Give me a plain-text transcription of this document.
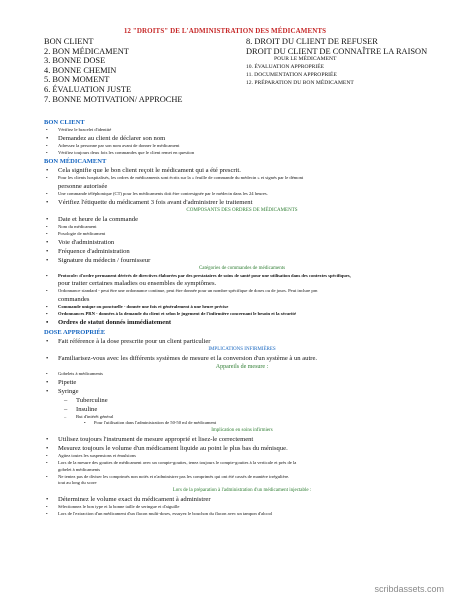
12 "DROITS" DE L'ADMINISTRATION DES MÉDICAMENTS
BON CLIENT
2. BON MÉDICAMENT
3. BONNE DOSE
4. BONNE CHEMIN
5. BON MOMENT
6. ÉVALUATION JUSTE
7. BONNE MOTIVATION/ APPROCHE
8. DROIT DU CLIENT DE REFUSER
DROIT DU CLIENT DE CONNAÎTRE LA RAISON
POUR LE MÉDICAMENT
10. ÉVALUATION APPROPRIÉE
11. DOCUMENTATION APPROPRIÉE
12. PRÉPARATION DU BON MÉDICAMENT
BON CLIENT
• Vérifiez le bracelet d'identité
• Demandez au client de déclarer son nom
• Adressez la personne par son nom avant de donner le médicament
• Vérifiez toujours deux fois les commandes que le client remet en question
BON MÉDICAMENT
• Cela signifie que le bon client reçoit le médicament qui a été prescrit.
• Pour les clients hospitalisés, les ordres de médicaments sont écrits sur la « feuille de commande du médecin » et signés par le démont
personne autorisée
• Une commande téléphonique (CT) pour les médicaments doit être contresignée par le médecin dans les 24 heures.
• Vérifiez l'étiquette du médicament 3 fois avant d'administrer le traitement
COMPOSANTS DES ORDRES DE MÉDICAMENTS
• Date et heure de la commande
• Nom du médicament
• Posologie de médicament
• Voie d'administration
• Fréquence d'administration
• Signature du médecin / fournisseur
Catégories de commandes de médicaments
• Protocole: d'ordre permanent dérivés de directives élaborées par des prestataires de soins de santé pour une utilisation dans des contextes spécifiques,
pour traiter certaines maladies ou ensembles de symptômes.
• Ordonnance standard - peut être une ordonnance continue, peut être donnée pour un nombre spécifique de doses ou de jours. Peut inclure prn
commandes
• Commande unique ou ponctuelle - donnée une fois et généralement à une heure précise
• Ordonnances PRN - données à la demande du client et selon le jugement de l'infirmière concernant le besoin et la sécurité
• Ordres de statut donnés immédiatement
DOSE APPROPRIÉE
• Fait référence à la dose prescrite pour un client particulier
IMPLICATIONS INFIRMIÈRES
• Familiarisez-vous avec les différents systèmes de mesure et la conversion d'un système à un autre.
Appareils de mesure :
• Gobelets à médicaments
• Pipette
• Syringe
– Tuberculine
– Insuline
– But d'intérêt général
• Pour l'utilisation dans l'administration de 50-50 ml de médicament
Implication en soins infirmiers
• Utilisez toujours l'instrument de mesure approprié et lisez-le correctement
• Mesurez toujours le volume d'un médicament liquide au point le plus bas du ménisque.
• Agitez toutes les suspensions et émulsions
• Lors de la mesure des gouttes de médicament avec un compte-gouttes, tenez toujours le compte-gouttes à la verticale et près de la
gobelet à médicaments
• Ne tentez pas de diviser les comprimés non notés et n'administrer pas les comprimés qui ont été cassés de manière irrégulière.
tout au long du score
Lors de la préparation à l'administration d'un médicament injectable :
• Déterminez le volume exact du médicament à administrer
• Sélectionnez le bon type et la bonne taille de seringue et d'aiguille
• Lors de l'extraction d'un médicament d'un flacon multi-doses, essuyez le bouchon du flacon avec un tampon d'alcool
scribdassets.com
